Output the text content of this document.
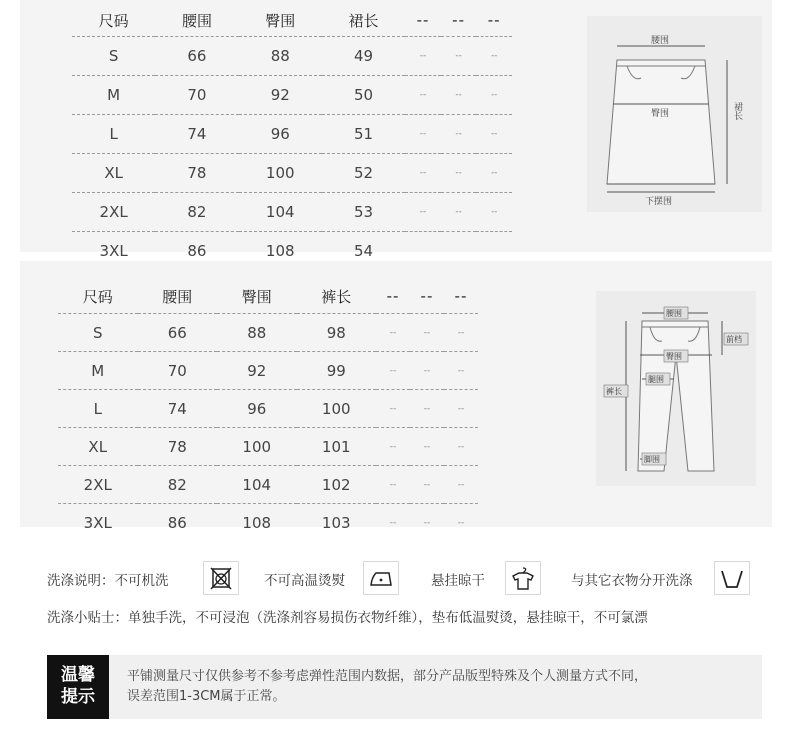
尺码	腰围	臀围	裙长	--	--	--
S	66	88	49	--	--	--
M	70	92	50	--	--	--
L	74	96	51	--	--	--
XL	78	100	52	--	--	--
2XL	82	104	53	--	--	--
3XL	86	108	54			
腰围
臀围
下摆围
裙长
尺码	腰围	臀围	裤长	--	--	--
S	66	88	98	--	--	--
M	70	92	99	--	--	--
L	74	96	100	--	--	--
XL	78	100	101	--	--	--
2XL	82	104	102	--	--	--
3XL	86	108	103	--	--	--
腰围
臀围
前档
裤长
腿围
脚围
洗涤说明：不可机洗	不可高温烫熨	悬挂晾干	与其它衣物分开洗涤
洗涤小贴士：单独手洗，不可浸泡（洗涤剂容易损伤衣物纤维），垫布低温熨烫，悬挂晾干，不可氯漂
温馨
提示
平铺测量尺寸仅供参考不参考虑弹性范围内数据，部分产品版型特殊及个人测量方式不同，
误差范围1-3CM属于正常。
